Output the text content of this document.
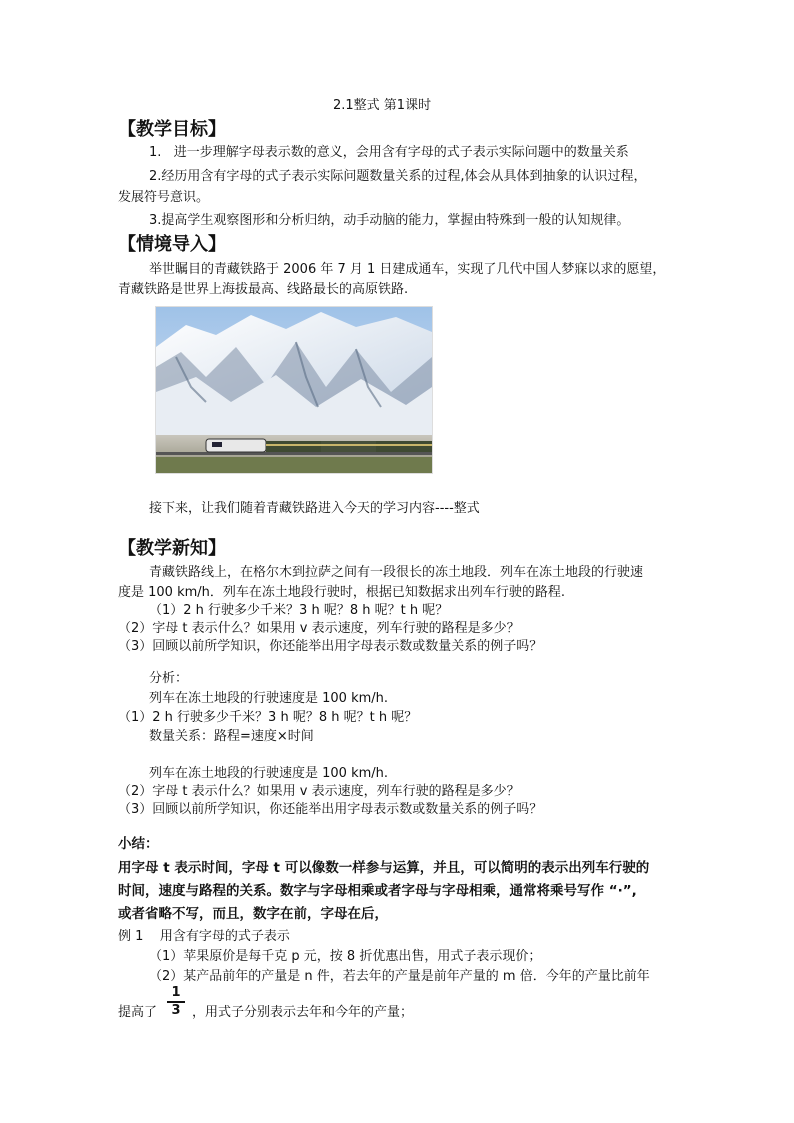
2.1整式 第1课时
【教学目标】
1.   进一步理解字母表示数的意义，会用含有字母的式子表示实际问题中的数量关系
2.经历用含有字母的式子表示实际问题数量关系的过程,体会从具体到抽象的认识过程，
发展符号意识。
3.提高学生观察图形和分析归纳，动手动脑的能力，掌握由特殊到一般的认知规律。
【情境导入】
举世瞩目的青藏铁路于 2006 年 7 月 1 日建成通车，实现了几代中国人梦寐以求的愿望，
青藏铁路是世界上海拔最高、线路最长的高原铁路.
接下来，让我们随着青藏铁路进入今天的学习内容----整式
【教学新知】
青藏铁路线上，在格尔木到拉萨之间有一段很长的冻土地段．列车在冻土地段的行驶速
度是 100 km/h．列车在冻土地段行驶时，根据已知数据求出列车行驶的路程.
（1）2 h 行驶多少千米？3 h 呢？8 h 呢？t h 呢？
（2）字母 t 表示什么？如果用 v 表示速度，列车行驶的路程是多少？
（3）回顾以前所学知识，你还能举出用字母表示数或数量关系的例子吗？
分析：
列车在冻土地段的行驶速度是 100 km/h.
（1）2 h 行驶多少千米？3 h 呢？8 h 呢？t h 呢？
数量关系：路程=速度×时间
列车在冻土地段的行驶速度是 100 km/h.
（2）字母 t 表示什么？如果用 v 表示速度，列车行驶的路程是多少？
（3）回顾以前所学知识，你还能举出用字母表示数或数量关系的例子吗？
小结：
用字母 t 表示时间，字母 t 可以像数一样参与运算，并且，可以简明的表示出列车行驶的
时间，速度与路程的关系。数字与字母相乘或者字母与字母相乘，通常将乘号写作 “·”,
或者省略不写，而且，数字在前，字母在后，
例 1    用含有字母的式子表示
（1）苹果原价是每千克 p 元，按 8 折优惠出售，用式子表示现价；
（2）某产品前年的产量是 n 件，若去年的产量是前年产量的 m 倍．今年的产量比前年
提高了
1
3 ，用式子分别表示去年和今年的产量；
